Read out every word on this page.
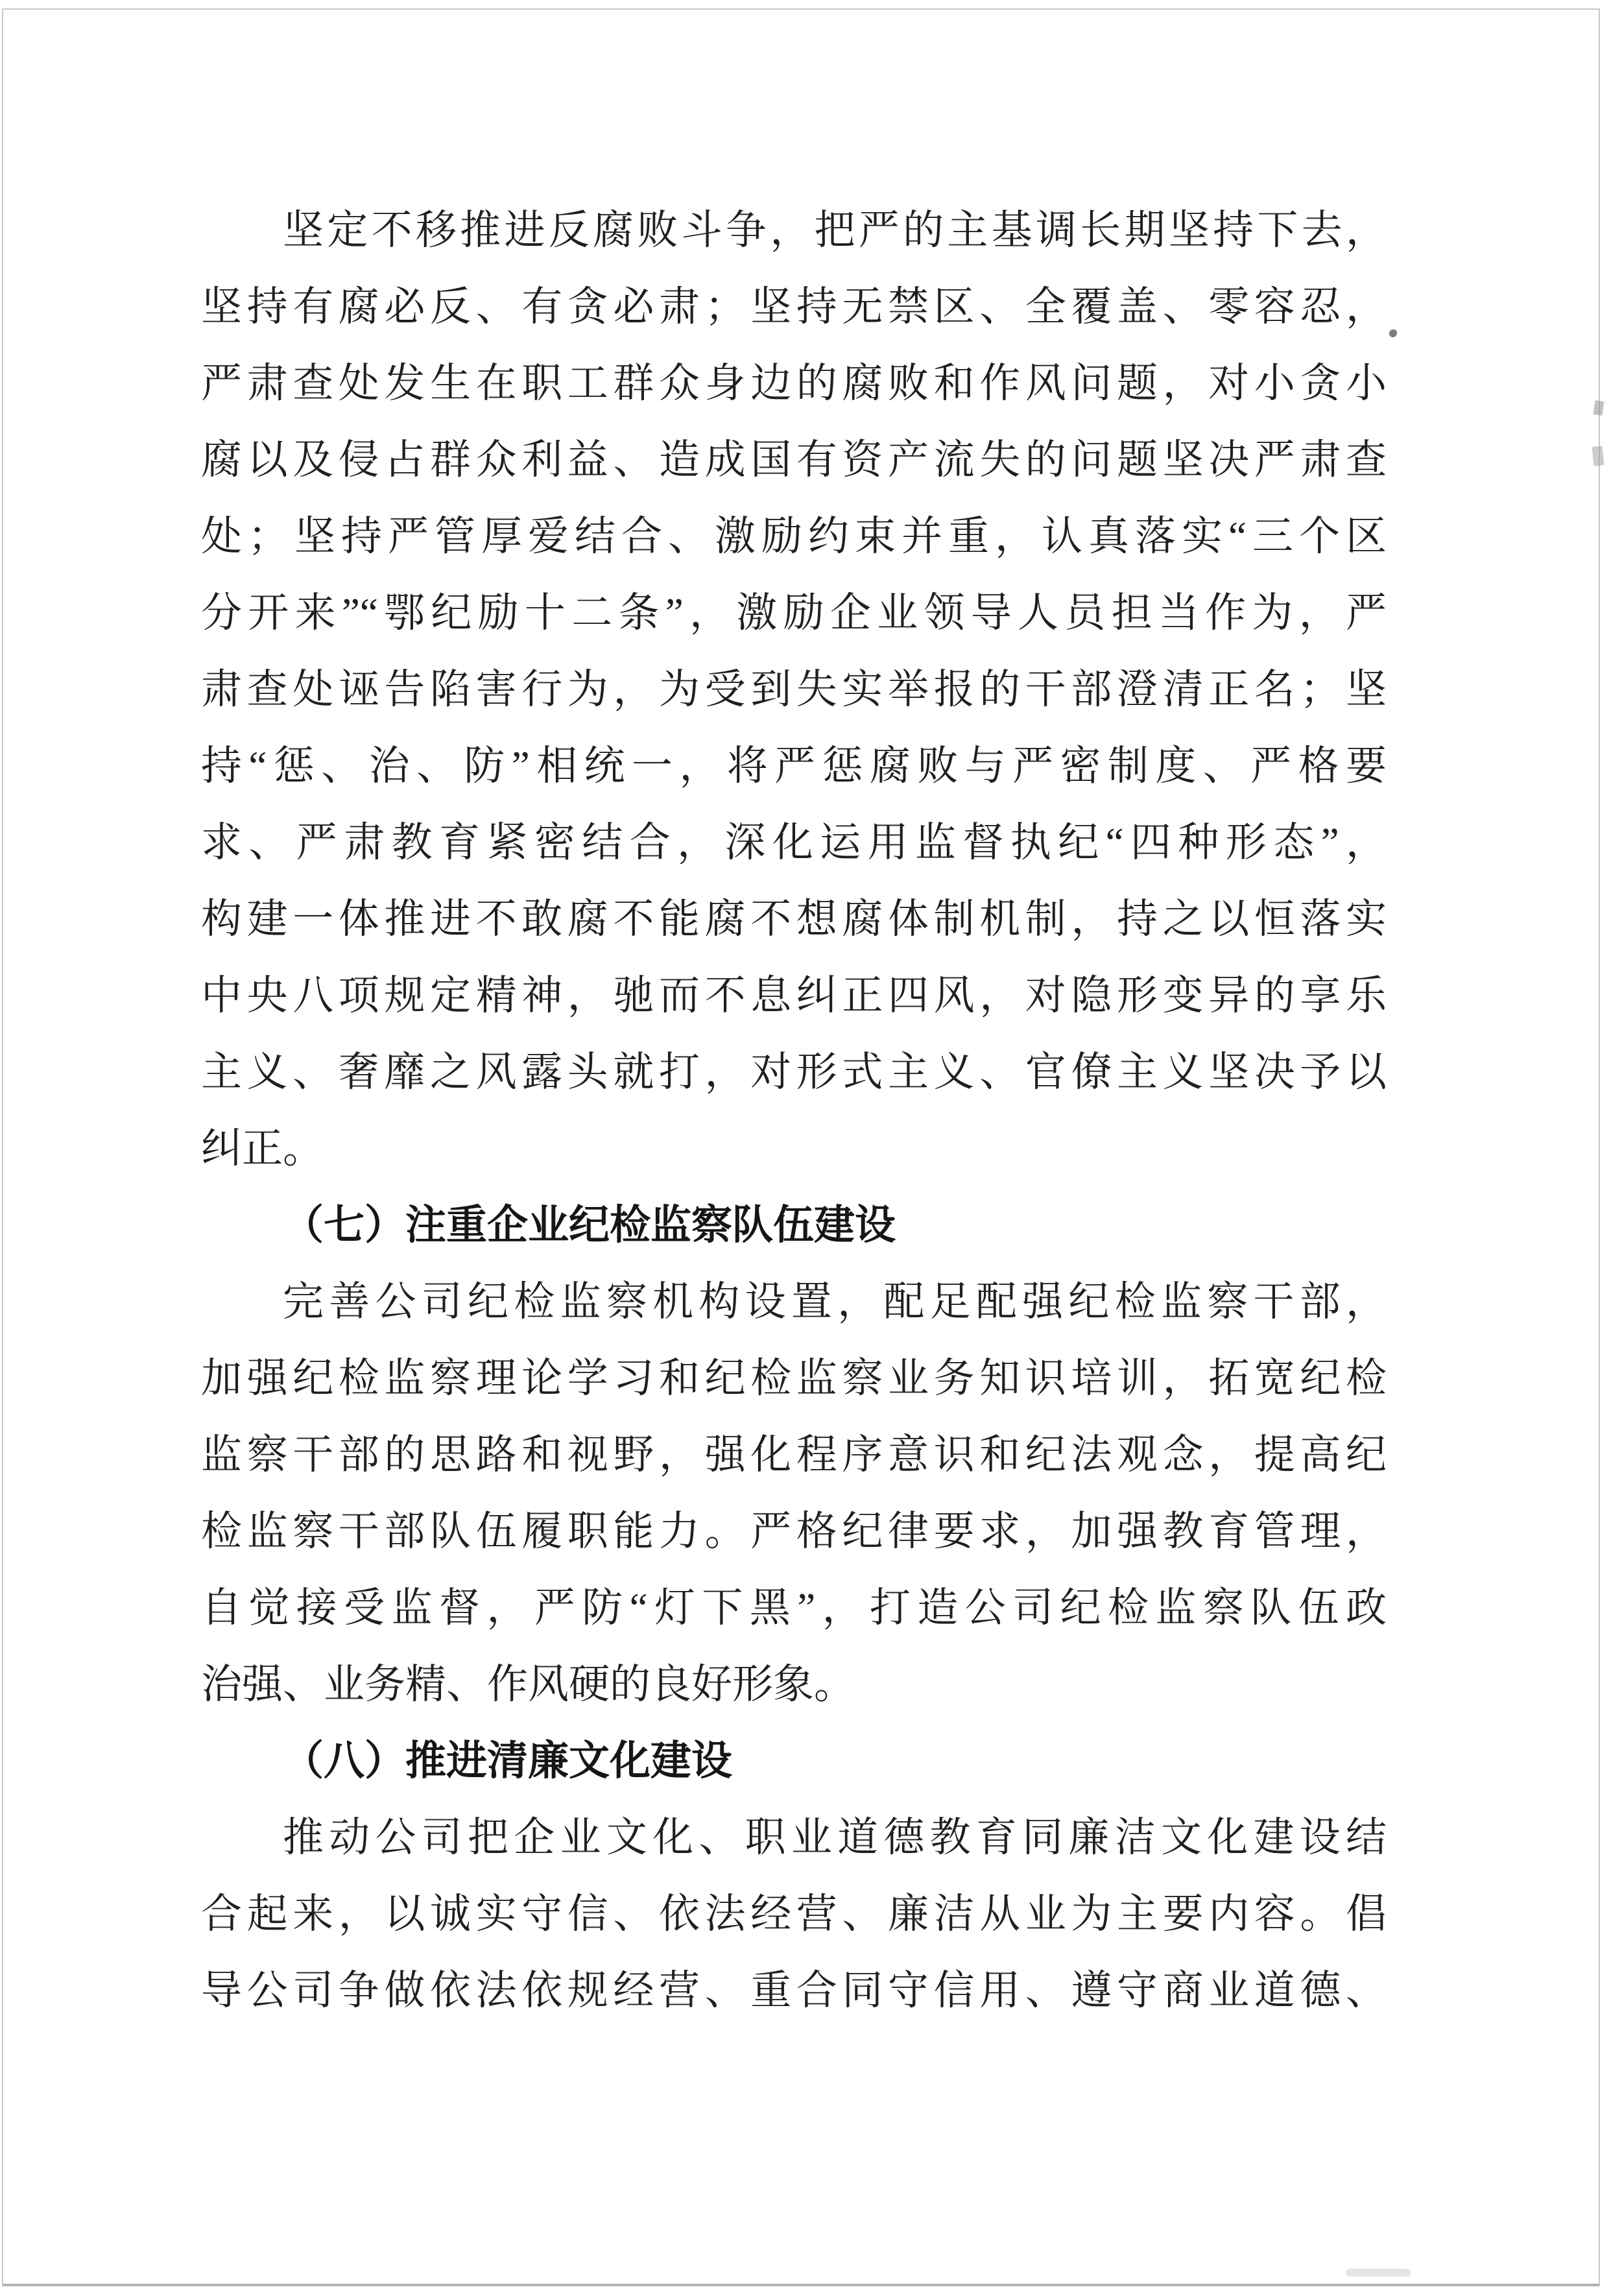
坚定不移推进反腐败斗争，把严的主基调长期坚持下去，
坚持有腐必反、有贪必肃；坚持无禁区、全覆盖、零容忍，
严肃查处发生在职工群众身边的腐败和作风问题，对小贪小
腐以及侵占群众利益、造成国有资产流失的问题坚决严肃查
处；坚持严管厚爱结合、激励约束并重，认真落实“三个区
分开来”“鄂纪励十二条”，激励企业领导人员担当作为，严
肃查处诬告陷害行为，为受到失实举报的干部澄清正名；坚
持“惩、治、防”相统一，将严惩腐败与严密制度、严格要
求、严肃教育紧密结合，深化运用监督执纪“四种形态”，
构建一体推进不敢腐不能腐不想腐体制机制，持之以恒落实
中央八项规定精神，驰而不息纠正四风，对隐形变异的享乐
主义、奢靡之风露头就打，对形式主义、官僚主义坚决予以
纠正。
（七）注重企业纪检监察队伍建设
完善公司纪检监察机构设置，配足配强纪检监察干部，
加强纪检监察理论学习和纪检监察业务知识培训，拓宽纪检
监察干部的思路和视野，强化程序意识和纪法观念，提高纪
检监察干部队伍履职能力。严格纪律要求，加强教育管理，
自觉接受监督，严防“灯下黑”，打造公司纪检监察队伍政
治强、业务精、作风硬的良好形象。
（八）推进清廉文化建设
推动公司把企业文化、职业道德教育同廉洁文化建设结
合起来，以诚实守信、依法经营、廉洁从业为主要内容。倡
导公司争做依法依规经营、重合同守信用、遵守商业道德、
